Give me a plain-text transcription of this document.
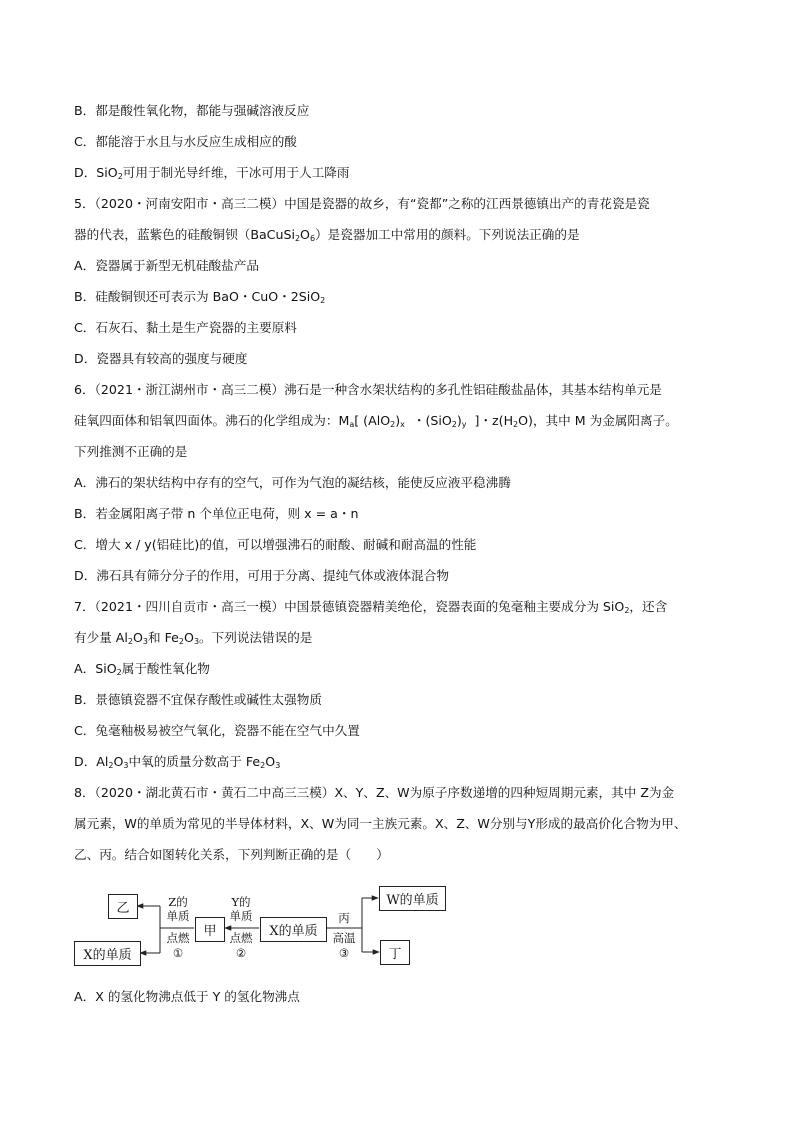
B．都是酸性氧化物，都能与强碱溶液反应
C．都能溶于水且与水反应生成相应的酸
D．SiO$_2$可用于制光导纤维，干冰可用于人工降雨
5．（2020・河南安阳市・高三二模）中国是瓷器的故乡，有“瓷都”之称的江西景德镇出产的青花瓷是瓷
器的代表，蓝紫色的硅酸铜钡$(BaCuSi_2O_6)$是瓷器加工中常用的颜料。下列说法正确的是
A．瓷器属于新型无机硅酸盐产品
B．硅酸铜钡还可表示为 BaO・CuO・2SiO$_2$
C．石灰石、黏土是生产瓷器的主要原料
D．瓷器具有较高的强度与硬度
6．（2021・浙江湖州市・高三二模）沸石是一种含水架状结构的多孔性铝硅酸盐晶体，其基本结构单元是
硅氧四面体和铝氧四面体。沸石的化学组成为：$M_a$[ $(AlO_2)_x$  ・$(SiO_2)_y$  ]・$z(H_2O)$，其中 M 为金属阳离子。
下列推测不正确的是
A．沸石的架状结构中存有的空气，可作为气泡的凝结核，能使反应液平稳沸腾
B．若金属阳离子带 n 个单位正电荷，则 x = a・n
C．增大 x / y(铝硅比)的值，可以增强沸石的耐酸、耐碱和耐高温的性能
D．沸石具有筛分分子的作用，可用于分离、提纯气体或液体混合物
7．（2021・四川自贡市・高三一模）中国景德镇瓷器精美绝伦，瓷器表面的兔毫釉主要成分为 SiO$_2$，还含
有少量 $Al_2O_3$和 $Fe_2O_3$。下列说法错误的是
A．SiO$_2$属于酸性氧化物
B．景德镇瓷器不宜保存酸性或碱性太强物质
C．兔毫釉极易被空气氧化，瓷器不能在空气中久置
D．$Al_2O_3$中氧的质量分数高于 $Fe_2O_3$
8．（2020・湖北黄石市・黄石二中高三三模）X、Y、Z、W为原子序数递增的四种短周期元素，其中 Z为金
属元素，W的单质为常见的半导体材料，X、W为同一主族元素。X、Z、W分别与Y形成的最高价化合物为甲、
乙、丙。结合如图转化关系，下列判断正确的是（　　）
乙
X的单质
甲	X的单质
W的单质
丁
Z的
单质
点燃
①
Y的
单质
点燃
②
丙
高温
③
A．X 的氢化物沸点低于 Y 的氢化物沸点
